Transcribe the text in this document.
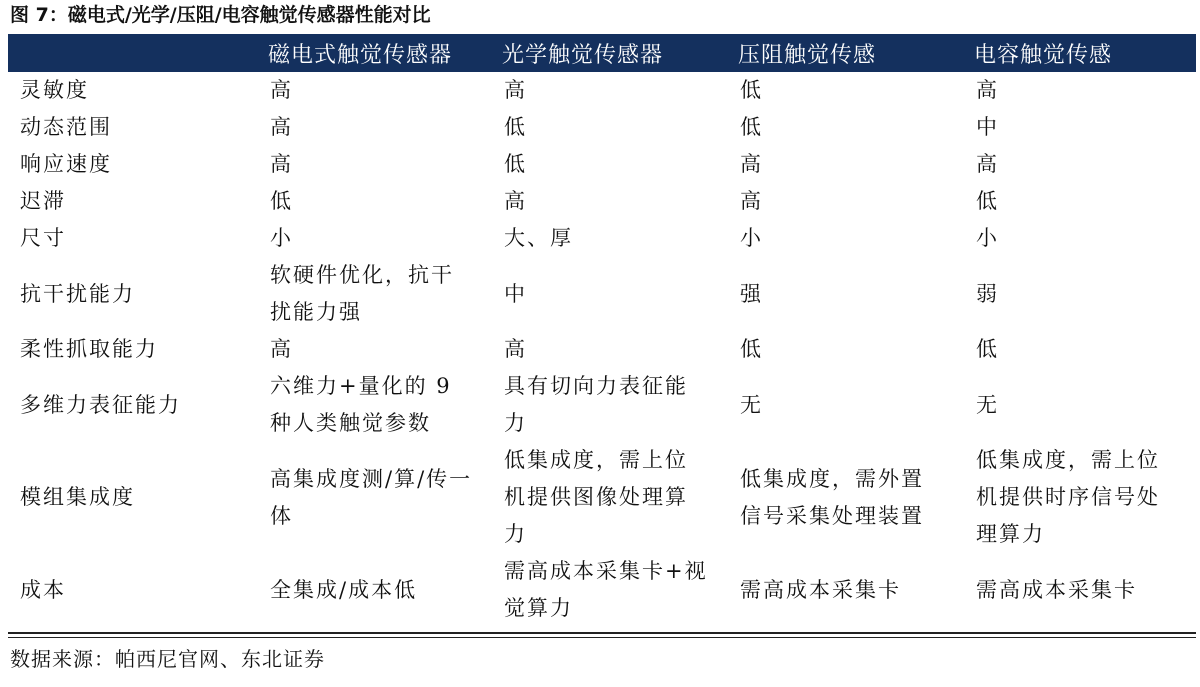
图 7：磁电式/光学/压阻/电容触觉传感器性能对比
	磁电式触觉传感器	光学触觉传感器	压阻触觉传感	电容触觉传感
灵敏度	高	高	低	高
动态范围	高	低	低	中
响应速度	高	低	高	高
迟滞	低	高	高	低
尺寸	小	大、厚	小	小
抗干扰能力	软硬件优化，抗干扰能力强	中	强	弱
柔性抓取能力	高	高	低	低
多维力表征能力	六维力+量化的 9 种人类触觉参数	具有切向力表征能力	无	无
模组集成度	高集成度测/算/传一体	低集成度，需上位机提供图像处理算力	低集成度，需外置信号采集处理装置	低集成度，需上位机提供时序信号处理算力
成本	全集成/成本低	需高成本采集卡+视觉算力	需高成本采集卡	需高成本采集卡
数据来源：帕西尼官网、东北证券
